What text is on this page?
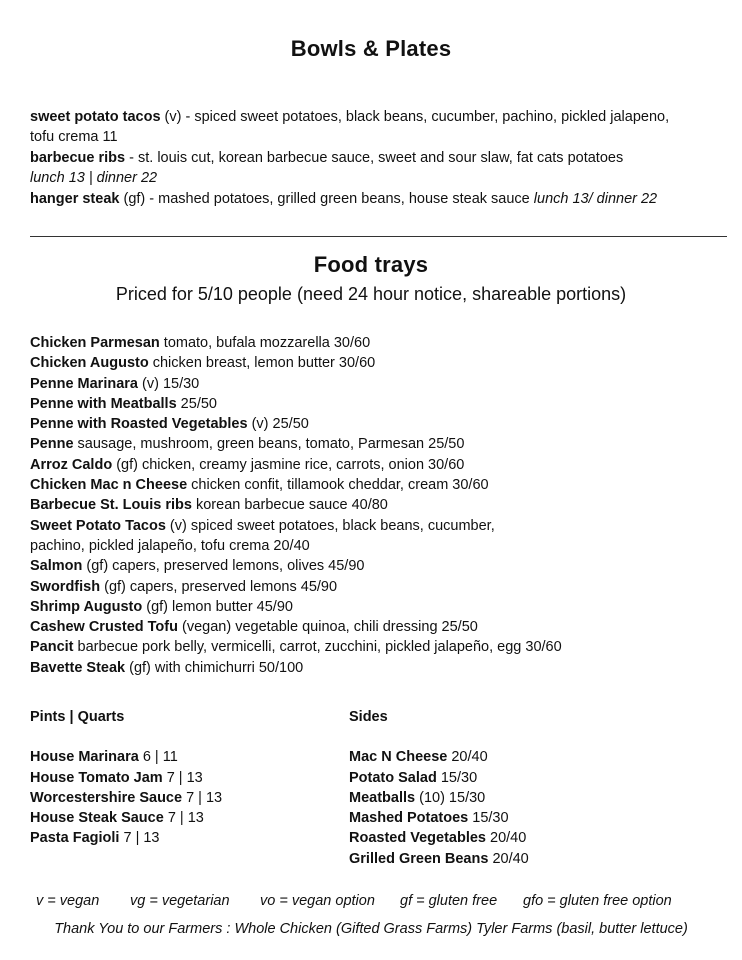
Bowls & Plates
sweet potato tacos (v) - spiced sweet potatoes, black beans, cucumber, pachino, pickled jalapeno,
tofu crema 11
barbecue ribs - st. louis cut, korean barbecue sauce, sweet and sour slaw, fat cats potatoes
lunch 13 | dinner 22
hanger steak (gf) - mashed potatoes, grilled green beans, house steak sauce lunch 13/ dinner 22
Food trays
Priced for 5/10 people (need 24 hour notice, shareable portions)
Chicken Parmesan tomato, bufala mozzarella 30/60
Chicken Augusto chicken breast, lemon butter 30/60
Penne Marinara (v) 15/30
Penne with Meatballs 25/50
Penne with Roasted Vegetables (v) 25/50
Penne sausage, mushroom, green beans, tomato, Parmesan 25/50
Arroz Caldo (gf) chicken, creamy jasmine rice, carrots, onion 30/60
Chicken Mac n Cheese chicken confit, tillamook cheddar, cream 30/60
Barbecue St. Louis ribs korean barbecue sauce 40/80
Sweet Potato Tacos (v) spiced sweet potatoes, black beans, cucumber,
pachino, pickled jalapeño, tofu crema 20/40
Salmon (gf) capers, preserved lemons, olives 45/90
Swordfish (gf) capers, preserved lemons 45/90
Shrimp Augusto (gf) lemon butter 45/90
Cashew Crusted Tofu (vegan) vegetable quinoa, chili dressing 25/50
Pancit barbecue pork belly, vermicelli, carrot, zucchini, pickled jalapeño, egg 30/60
Bavette Steak (gf) with chimichurri 50/100
Pints | Quarts
House Marinara 6 | 11
House Tomato Jam 7 | 13
Worcestershire Sauce 7 | 13
House Steak Sauce 7 | 13
Pasta Fagioli 7 | 13
Sides
Mac N Cheese 20/40
Potato Salad 15/30
Meatballs (10) 15/30
Mashed Potatoes 15/30
Roasted Vegetables 20/40
Grilled Green Beans 20/40
v = vegan vg = vegetarian vo = vegan option gf = gluten free gfo = gluten free option
Thank You to our Farmers : Whole Chicken (Gifted Grass Farms) Tyler Farms (basil, butter lettuce)
